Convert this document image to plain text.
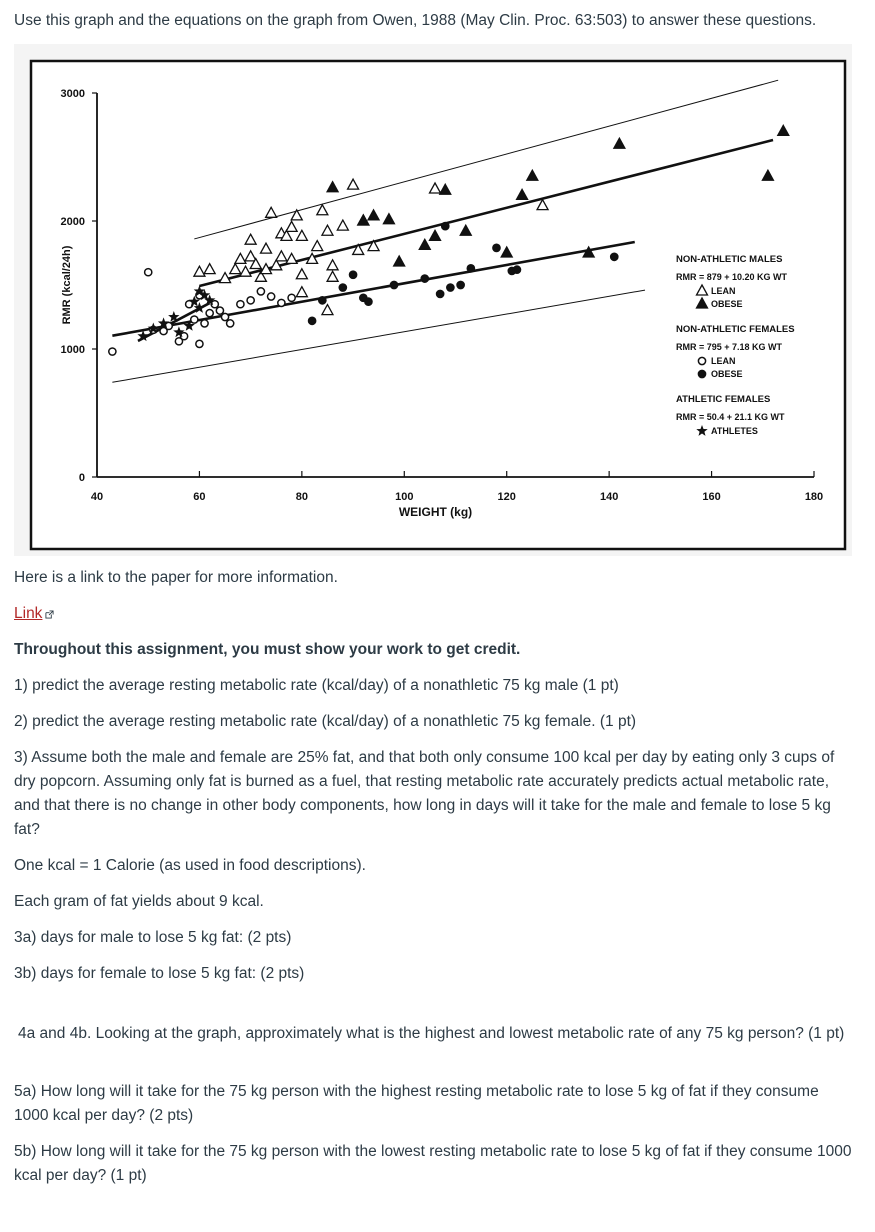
Use this graph and the equations on the graph from Owen, 1988 (May Clin. Proc. 63:503) to answer these questions.
40	60	80	100	120	140	160	180
0
1000
2000
3000
WEIGHT (kg)
RMR (kcal/24h)	NON-ATHLETIC MALES
RMR = 879 + 10.20 KG WT
LEAN
OBESE
NON-ATHLETIC FEMALES
RMR = 795 + 7.18 KG WT
LEAN
OBESE
ATHLETIC FEMALES
RMR = 50.4 + 21.1 KG WT
ATHLETES

Here is a link to the paper for more information.

Link

Throughout this assignment, you must show your work to get credit.

1) predict the average resting metabolic rate (kcal/day) of a nonathletic 75 kg male (1 pt)

2) predict the average resting metabolic rate (kcal/day) of a nonathletic 75 kg female. (1 pt)

3) Assume both the male and female are 25% fat, and that both only consume 100 kcal per day by eating only 3 cups of dry popcorn. Assuming only fat is burned as a fuel, that resting metabolic rate accurately predicts actual metabolic rate, and that there is no change in other body components, how long in days will it take for the male and female to lose 5 kg fat?

One kcal = 1 Calorie (as used in food descriptions).

Each gram of fat yields about 9 kcal.

3a) days for male to lose 5 kg fat: (2 pts)

3b) days for female to lose 5 kg fat: (2 pts)

4a and 4b. Looking at the graph, approximately what is the highest and lowest metabolic rate of any 75 kg person? (1 pt)

5a) How long will it take for the 75 kg person with the highest resting metabolic rate to lose 5 kg of fat if they consume 1000 kcal per day? (2 pts)

5b) How long will it take for the 75 kg person with the lowest resting metabolic rate to lose 5 kg of fat if they consume 1000 kcal per day? (1 pt)
